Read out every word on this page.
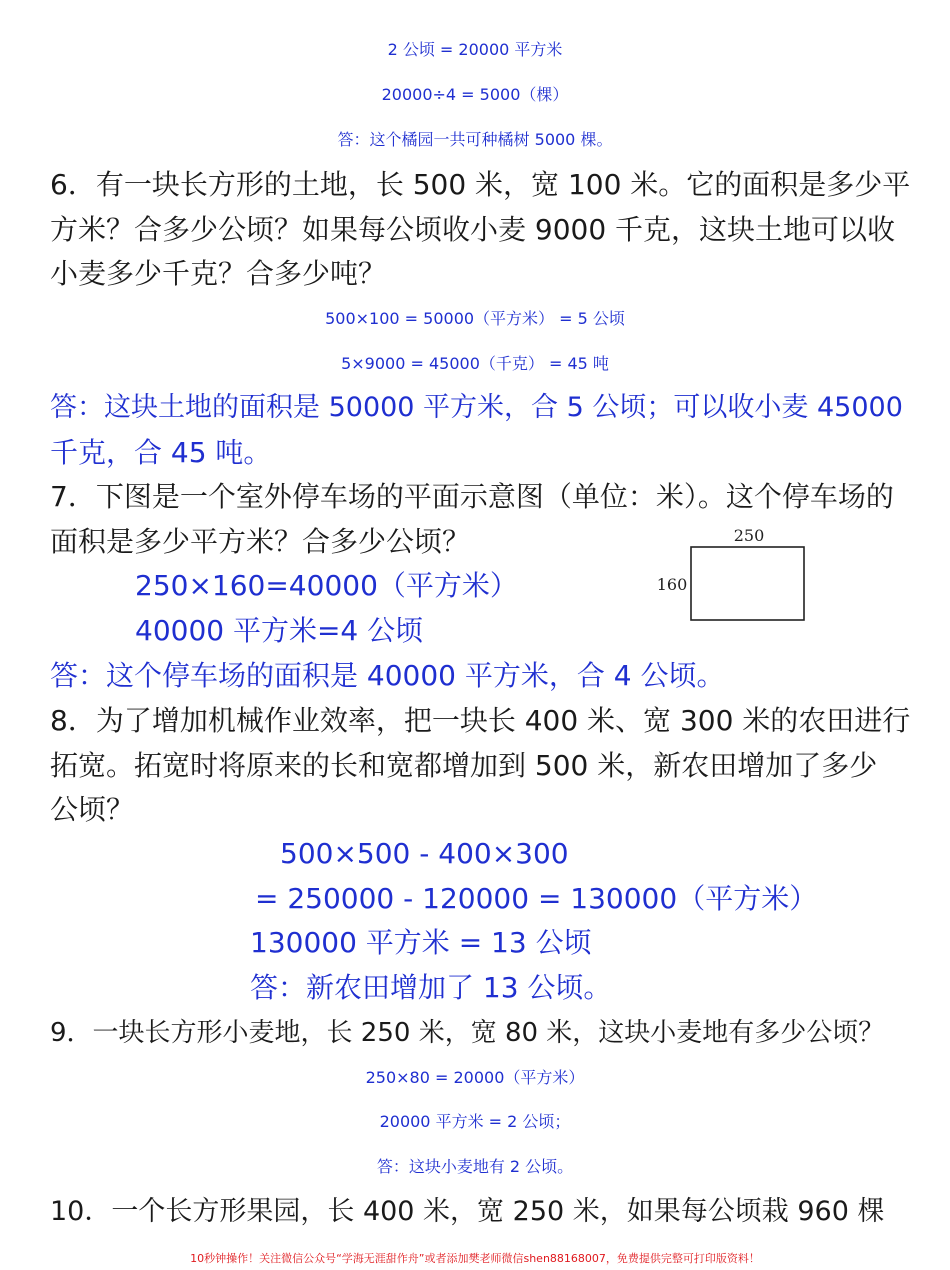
2 公顷 = 20000 平方米

20000÷4 = 5000（棵）

答：这个橘园一共可种橘树 5000 棵。

6．有一块长方形的土地，长 500 米，宽 100 米。它的面积是多少平

方米？合多少公顷？如果每公顷收小麦 9000 千克，这块土地可以收

小麦多少千克？合多少吨？

500×100 = 50000（平方米） = 5 公顷

5×9000 = 45000（千克） = 45 吨

答：这块土地的面积是 50000 平方米，合 5 公顷；可以收小麦 45000

千克，合 45 吨。

7．下图是一个室外停车场的平面示意图（单位：米）。这个停车场的

面积是多少平方米？合多少公顷？

250×160=40000（平方米）

40000 平方米=4 公顷

250
160

答：这个停车场的面积是 40000 平方米，合 4 公顷。

8．为了增加机械作业效率，把一块长 400 米、宽 300 米的农田进行

拓宽。拓宽时将原来的长和宽都增加到 500 米，新农田增加了多少

公顷？

500×500 - 400×300

= 250000 - 120000 = 130000（平方米）

130000 平方米 = 13 公顷

答：新农田增加了 13 公顷。

9．一块长方形小麦地，长 250 米，宽 80 米，这块小麦地有多少公顷？

250×80 = 20000（平方米）

20000 平方米 = 2 公顷；

答：这块小麦地有 2 公顷。

10．一个长方形果园，长 400 米，宽 250 米，如果每公顷栽 960 棵

10秒钟操作！关注微信公众号“学海无涯甜作舟”或者添加樊老师微信shen88168007，免费提供完整可打印版资料！
